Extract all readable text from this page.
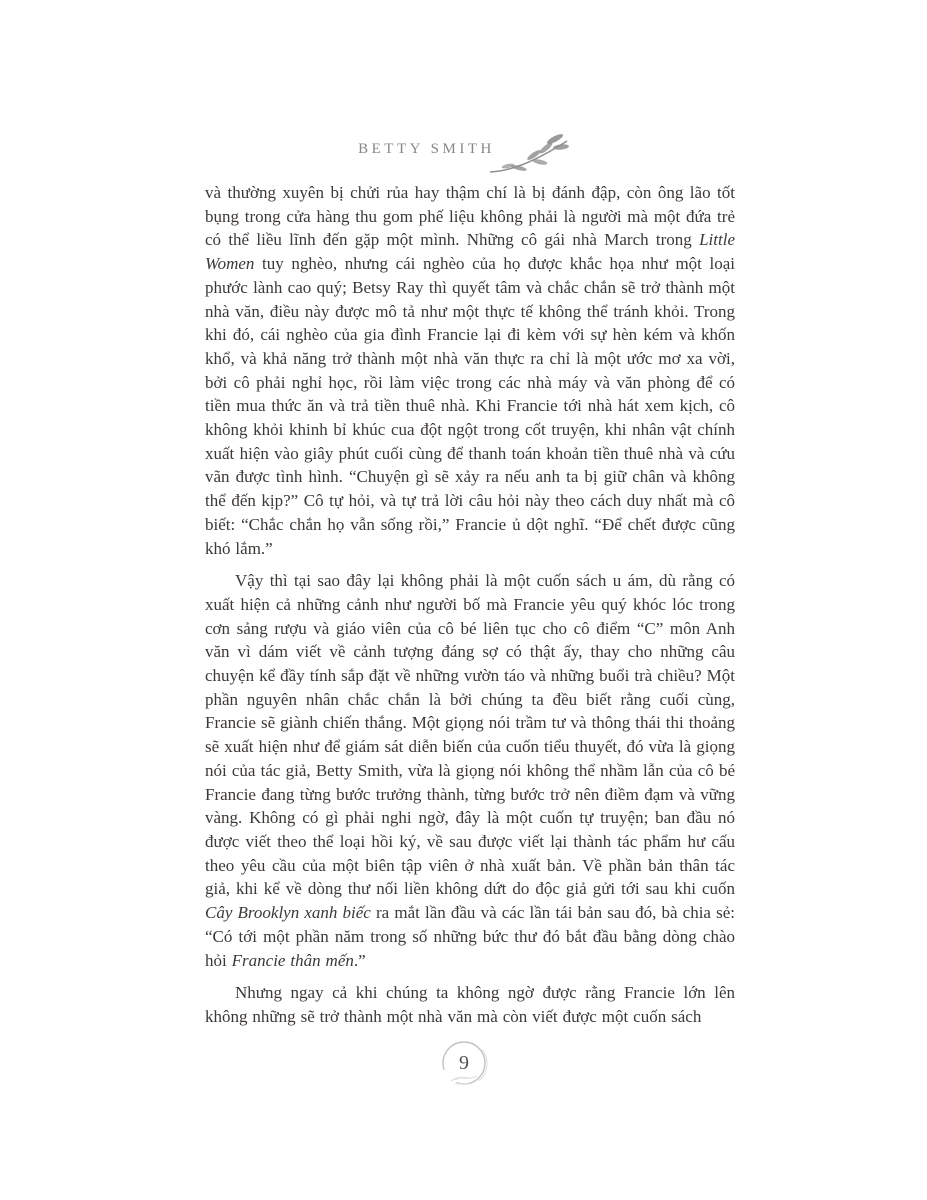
BETTY SMITH

và thường xuyên bị chửi rủa hay thậm chí là bị đánh đập, còn ông lão tốt bụng trong cửa hàng thu gom phế liệu không phải là người mà một đứa trẻ có thể liều lĩnh đến gặp một mình. Những cô gái nhà March trong Little Women tuy nghèo, nhưng cái nghèo của họ được khắc họa như một loại phước lành cao quý; Betsy Ray thì quyết tâm và chắc chắn sẽ trở thành một nhà văn, điều này được mô tả như một thực tế không thể tránh khỏi. Trong khi đó, cái nghèo của gia đình Francie lại đi kèm với sự hèn kém và khốn khổ, và khả năng trở thành một nhà văn thực ra chỉ là một ước mơ xa vời, bởi cô phải nghỉ học, rồi làm việc trong các nhà máy và văn phòng để có tiền mua thức ăn và trả tiền thuê nhà. Khi Francie tới nhà hát xem kịch, cô không khỏi khinh bỉ khúc cua đột ngột trong cốt truyện, khi nhân vật chính xuất hiện vào giây phút cuối cùng để thanh toán khoản tiền thuê nhà và cứu vãn được tình hình. “Chuyện gì sẽ xảy ra nếu anh ta bị giữ chân và không thể đến kịp?” Cô tự hỏi, và tự trả lời câu hỏi này theo cách duy nhất mà cô biết: “Chắc chắn họ vẫn sống rồi,” Francie ủ dột nghĩ. “Để chết được cũng khó lắm.”

Vậy thì tại sao đây lại không phải là một cuốn sách u ám, dù rằng có xuất hiện cả những cảnh như người bố mà Francie yêu quý khóc lóc trong cơn sảng rượu và giáo viên của cô bé liên tục cho cô điểm “C” môn Anh văn vì dám viết về cảnh tượng đáng sợ có thật ấy, thay cho những câu chuyện kể đầy tính sắp đặt về những vườn táo và những buổi trà chiều? Một phần nguyên nhân chắc chắn là bởi chúng ta đều biết rằng cuối cùng, Francie sẽ giành chiến thắng. Một giọng nói trầm tư và thông thái thi thoảng sẽ xuất hiện như để giám sát diễn biến của cuốn tiểu thuyết, đó vừa là giọng nói của tác giả, Betty Smith, vừa là giọng nói không thể nhầm lẫn của cô bé Francie đang từng bước trưởng thành, từng bước trở nên điềm đạm và vững vàng. Không có gì phải nghi ngờ, đây là một cuốn tự truyện; ban đầu nó được viết theo thể loại hồi ký, về sau được viết lại thành tác phẩm hư cấu theo yêu cầu của một biên tập viên ở nhà xuất bản. Về phần bản thân tác giả, khi kể về dòng thư nối liền không dứt do độc giả gửi tới sau khi cuốn Cây Brooklyn xanh biếc ra mắt lần đầu và các lần tái bản sau đó, bà chia sẻ: “Có tới một phần năm trong số những bức thư đó bắt đầu bằng dòng chào hỏi Francie thân mến.”

Nhưng ngay cả khi chúng ta không ngờ được rằng Francie lớn lên không những sẽ trở thành một nhà văn mà còn viết được một cuốn sách

9
